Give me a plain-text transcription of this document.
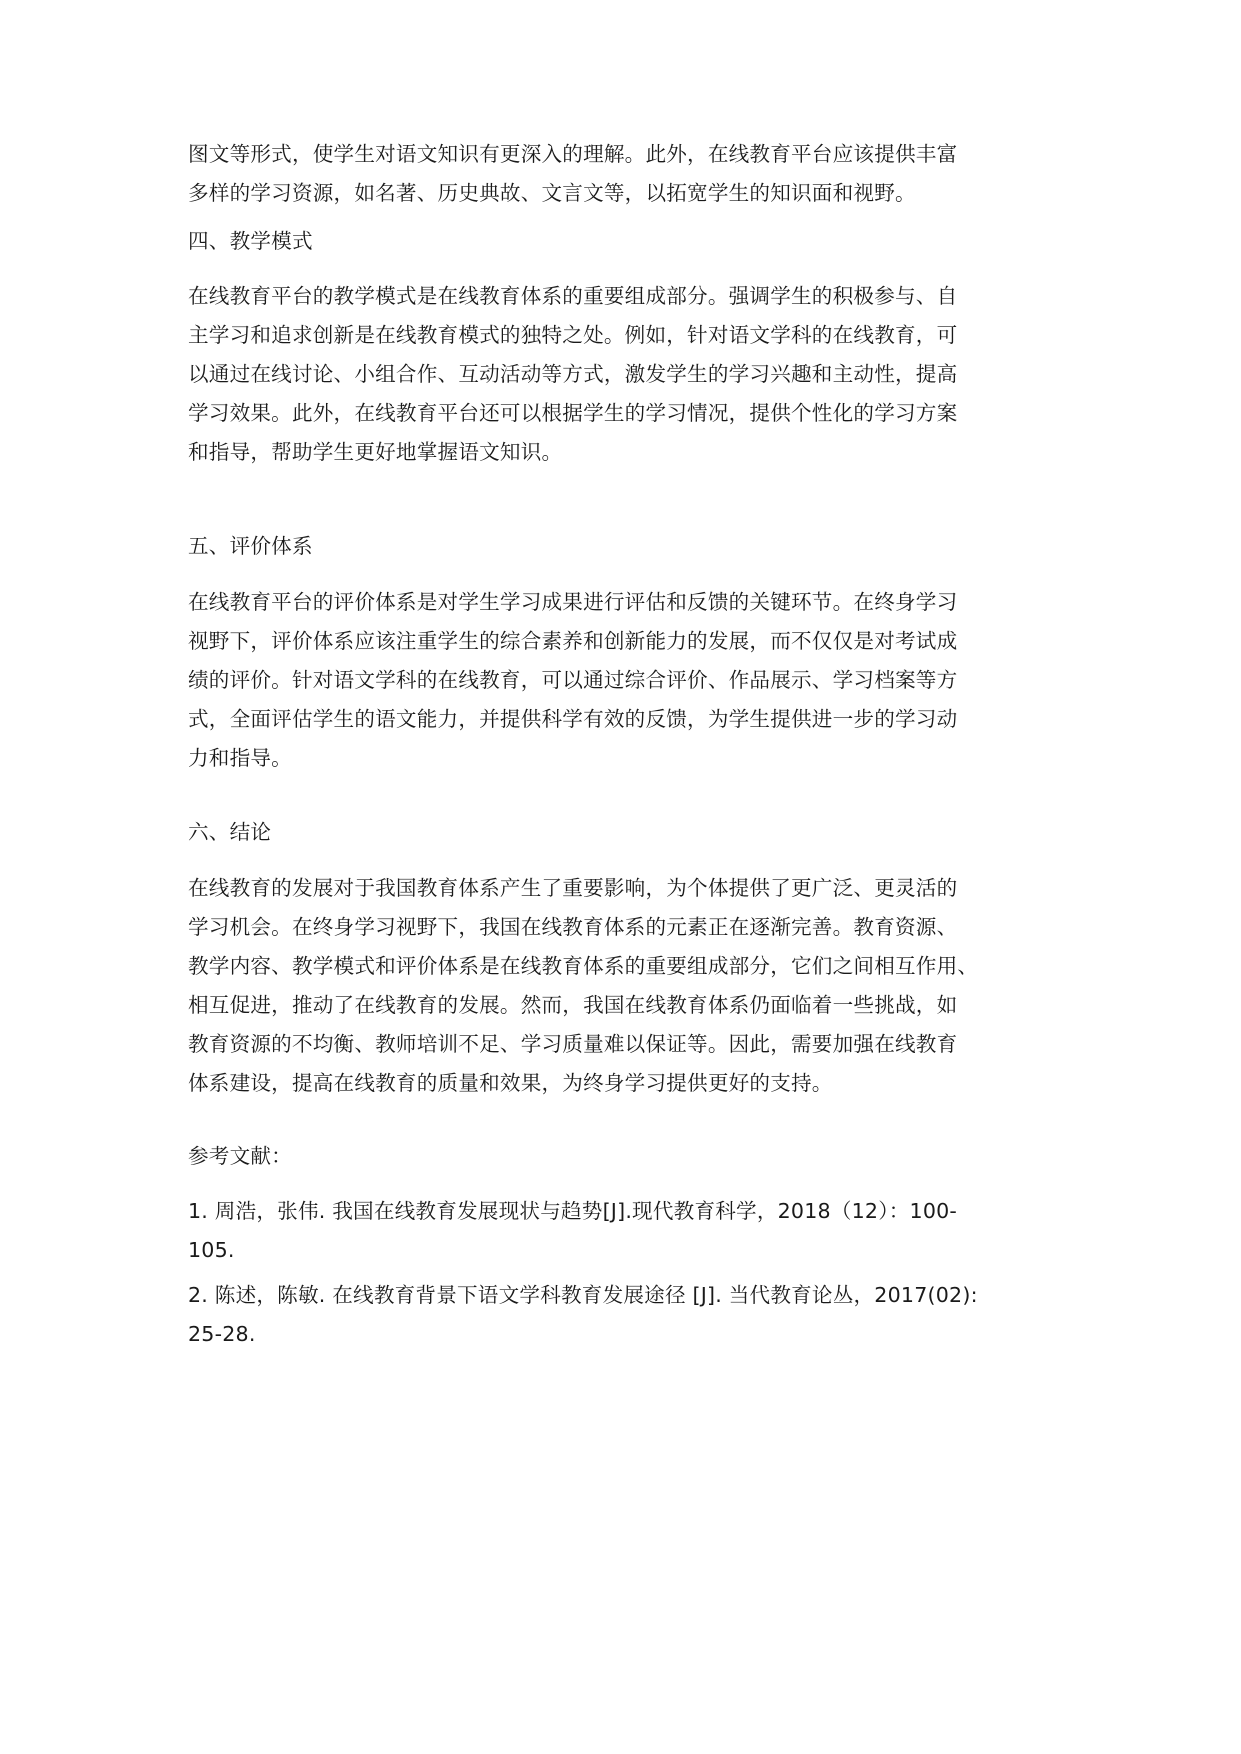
图文等形式，使学生对语文知识有更深入的理解。此外，在线教育平台应该提供丰富
多样的学习资源，如名著、历史典故、文言文等，以拓宽学生的知识面和视野。

四、教学模式

在线教育平台的教学模式是在线教育体系的重要组成部分。强调学生的积极参与、自
主学习和追求创新是在线教育模式的独特之处。例如，针对语文学科的在线教育，可
以通过在线讨论、小组合作、互动活动等方式，激发学生的学习兴趣和主动性，提高
学习效果。此外，在线教育平台还可以根据学生的学习情况，提供个性化的学习方案
和指导，帮助学生更好地掌握语文知识。

五、评价体系

在线教育平台的评价体系是对学生学习成果进行评估和反馈的关键环节。在终身学习
视野下，评价体系应该注重学生的综合素养和创新能力的发展，而不仅仅是对考试成
绩的评价。针对语文学科的在线教育，可以通过综合评价、作品展示、学习档案等方
式，全面评估学生的语文能力，并提供科学有效的反馈，为学生提供进一步的学习动
力和指导。

六、结论

在线教育的发展对于我国教育体系产生了重要影响，为个体提供了更广泛、更灵活的
学习机会。在终身学习视野下，我国在线教育体系的元素正在逐渐完善。教育资源、
教学内容、教学模式和评价体系是在线教育体系的重要组成部分，它们之间相互作用、
相互促进，推动了在线教育的发展。然而，我国在线教育体系仍面临着一些挑战，如
教育资源的不均衡、教师培训不足、学习质量难以保证等。因此，需要加强在线教育
体系建设，提高在线教育的质量和效果，为终身学习提供更好的支持。

参考文献：

1. 周浩，张伟. 我国在线教育发展现状与趋势[J].现代教育科学，2018（12）：100-
105.

2. 陈述，陈敏. 在线教育背景下语文学科教育发展途径 [J]. 当代教育论丛，2017(02):
25-28.
